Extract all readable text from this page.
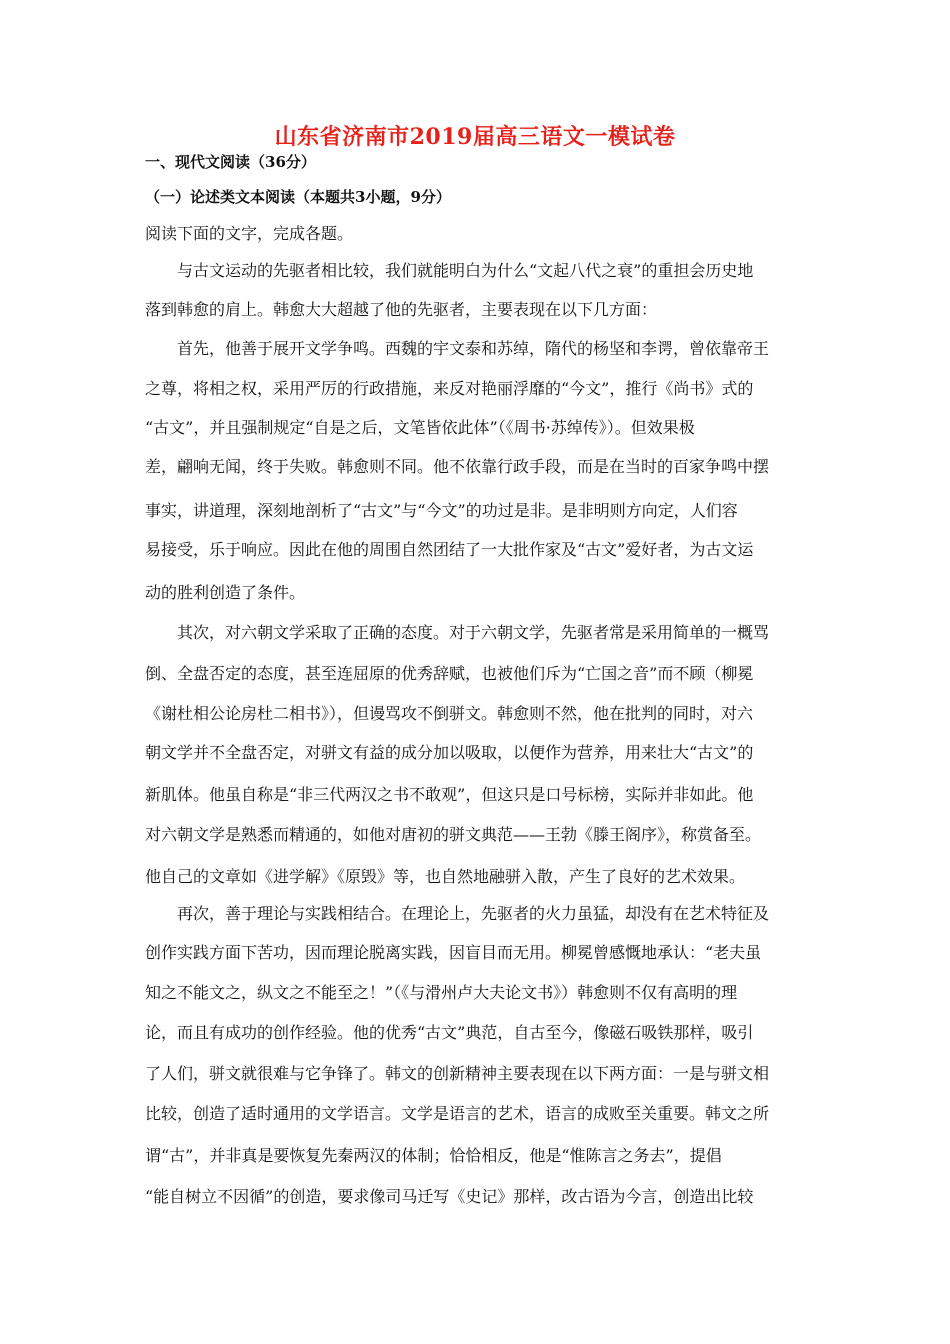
山东省济南市2019届高三语文一模试卷
一、现代文阅读（36分）
（一）论述类文本阅读（本题共3小题，9分）
阅读下面的文字，完成各题。
与古文运动的先驱者相比较，我们就能明白为什么“文起八代之衰”的重担会历史地
落到韩愈的肩上。韩愈大大超越了他的先驱者，主要表现在以下几方面：
首先，他善于展开文学争鸣。西魏的宇文泰和苏绰，隋代的杨坚和李谔，曾依靠帝王
之尊，将相之权，采用严厉的行政措施，来反对艳丽浮靡的“今文”，推行《尚书》式的
“古文”，并且强制规定“自是之后，文笔皆依此体”（《周书·苏绰传》）。但效果极
差，翩响无闻，终于失败。韩愈则不同。他不依靠行政手段，而是在当时的百家争鸣中摆
事实，讲道理，深刻地剖析了“古文”与“今文”的功过是非。是非明则方向定，人们容
易接受，乐于响应。因此在他的周围自然团结了一大批作家及“古文”爱好者，为古文运
动的胜利创造了条件。
其次，对六朝文学采取了正确的态度。对于六朝文学，先驱者常是采用简单的一概骂
倒、全盘否定的态度，甚至连屈原的优秀辞赋，也被他们斥为“亡国之音”而不顾（柳冕
《谢杜相公论房杜二相书》），但谩骂攻不倒骈文。韩愈则不然，他在批判的同时，对六
朝文学并不全盘否定，对骈文有益的成分加以吸取，以便作为营养，用来壮大“古文”的
新肌体。他虽自称是“非三代两汉之书不敢观”，但这只是口号标榜，实际并非如此。他
对六朝文学是熟悉而精通的，如他对唐初的骈文典范——王勃《滕王阁序》，称赏备至。
他自己的文章如《进学解》《原毁》等，也自然地融骈入散，产生了良好的艺术效果。
再次，善于理论与实践相结合。在理论上，先驱者的火力虽猛，却没有在艺术特征及
创作实践方面下苦功，因而理论脱离实践，因盲目而无用。柳冕曾感慨地承认：“老夫虽
知之不能文之，纵文之不能至之！”（《与滑州卢大夫论文书》）韩愈则不仅有高明的理
论，而且有成功的创作经验。他的优秀“古文”典范，自古至今，像磁石吸铁那样，吸引
了人们，骈文就很难与它争锋了。韩文的创新精神主要表现在以下两方面：一是与骈文相
比较，创造了适时通用的文学语言。文学是语言的艺术，语言的成败至关重要。韩文之所
谓“古”，并非真是要恢复先秦两汉的体制；恰恰相反，他是“惟陈言之务去”，提倡
“能自树立不因循”的创造，要求像司马迁写《史记》那样，改古语为今言，创造出比较
